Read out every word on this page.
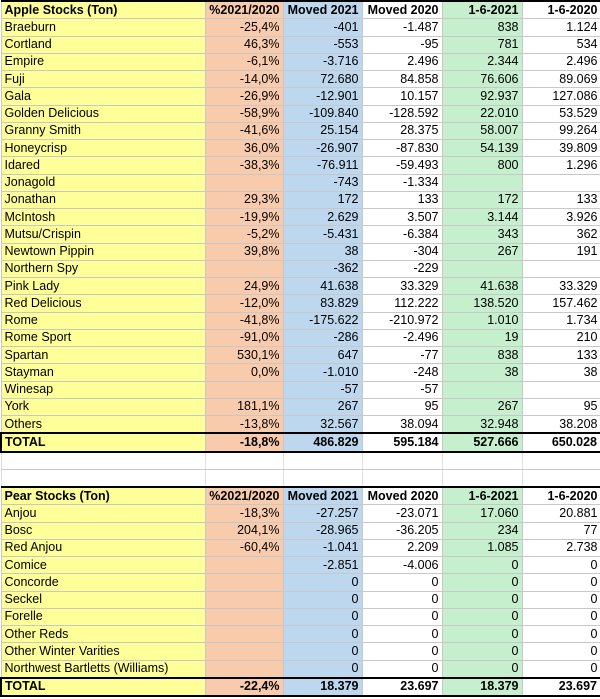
Apple Stocks (Ton)	%2021/2020	Moved 2021	Moved 2020	1-6-2021	1-6-2020
Braeburn	-25,4%	-401	-1.487	838	1.124
Cortland	46,3%	-553	-95	781	534
Empire	-6,1%	-3.716	2.496	2.344	2.496
Fuji	-14,0%	72.680	84.858	76.606	89.069
Gala	-26,9%	-12.901	10.157	92.937	127.086
Golden Delicious	-58,9%	-109.840	-128.592	22.010	53.529
Granny Smith	-41,6%	25.154	28.375	58.007	99.264
Honeycrisp	36,0%	-26.907	-87.830	54.139	39.809
Idared	-38,3%	-76.911	-59.493	800	1.296
Jonagold		-743	-1.334		
Jonathan	29,3%	172	133	172	133
McIntosh	-19,9%	2.629	3.507	3.144	3.926
Mutsu/Crispin	-5,2%	-5.431	-6.384	343	362
Newtown Pippin	39,8%	38	-304	267	191
Northern Spy		-362	-229		
Pink Lady	24,9%	41.638	33.329	41.638	33.329
Red Delicious	-12,0%	83.829	112.222	138.520	157.462
Rome	-41,8%	-175.622	-210.972	1.010	1.734
Rome Sport	-91,0%	-286	-2.496	19	210
Spartan	530,1%	647	-77	838	133
Stayman	0,0%	-1.010	-248	38	38
Winesap		-57	-57		
York	181,1%	267	95	267	95
Others	-13,8%	32.567	38.094	32.948	38.208
TOTAL	-18,8%	486.829	595.184	527.666	650.028

Pear Stocks (Ton)	%2021/2020	Moved 2021	Moved 2020	1-6-2021	1-6-2020
Anjou	-18,3%	-27.257	-23.071	17.060	20.881
Bosc	204,1%	-28.965	-36.205	234	77
Red Anjou	-60,4%	-1.041	2.209	1.085	2.738
Comice		-2.851	-4.006	0	0
Concorde		0	0	0	0
Seckel		0	0	0	0
Forelle		0	0	0	0
Other Reds		0	0	0	0
Other Winter Varities		0	0	0	0
Northwest Bartletts (Williams)		0	0	0	0
TOTAL	-22,4%	18.379	23.697	18.379	23.697
